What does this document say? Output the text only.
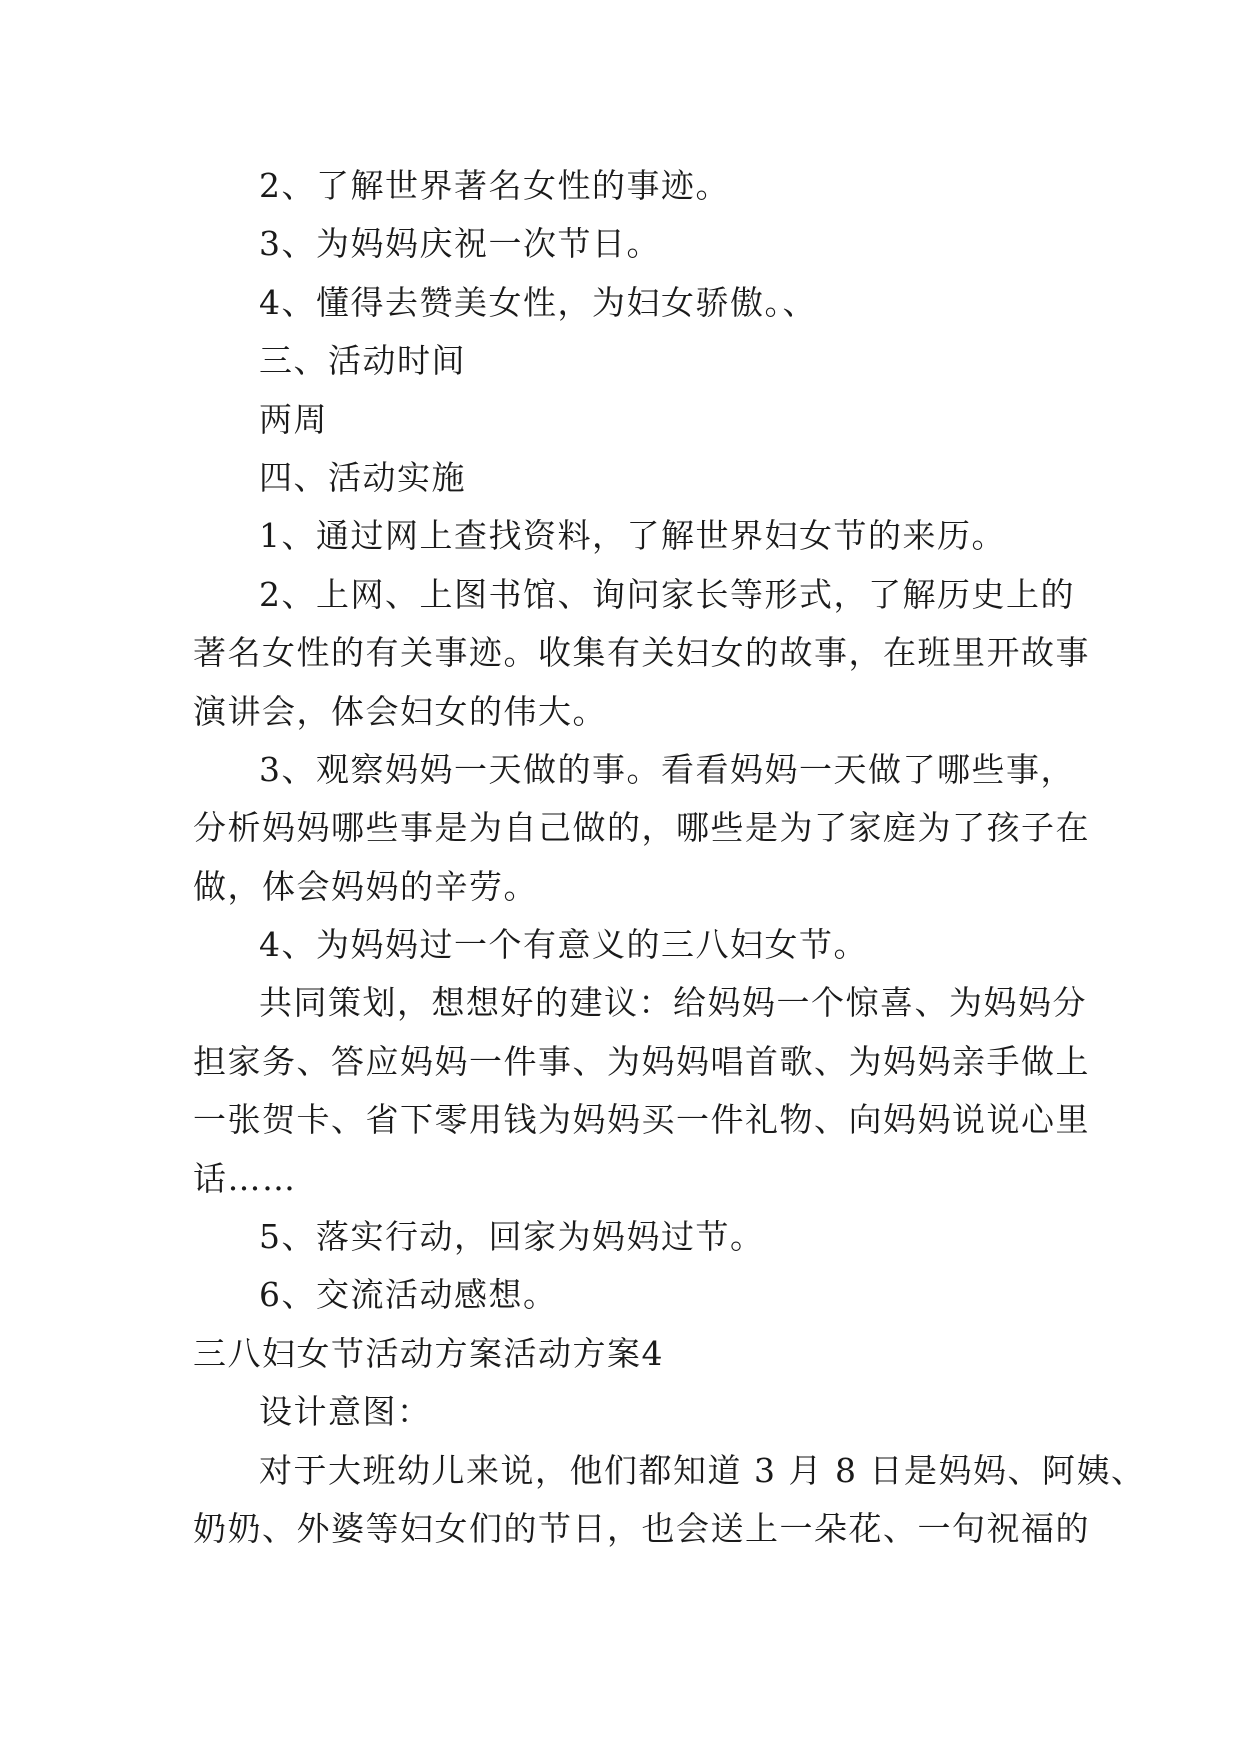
2、了解世界著名女性的事迹。
3、为妈妈庆祝一次节日。
4、懂得去赞美女性，为妇女骄傲。、
三、活动时间
两周
四、活动实施
1、通过网上查找资料，了解世界妇女节的来历。
2、上网、上图书馆、询问家长等形式，了解历史上的
著名女性的有关事迹。收集有关妇女的故事，在班里开故事
演讲会，体会妇女的伟大。
3、观察妈妈一天做的事。看看妈妈一天做了哪些事，
分析妈妈哪些事是为自己做的，哪些是为了家庭为了孩子在
做，体会妈妈的辛劳。
4、为妈妈过一个有意义的三八妇女节。
共同策划，想想好的建议：给妈妈一个惊喜、为妈妈分
担家务、答应妈妈一件事、为妈妈唱首歌、为妈妈亲手做上
一张贺卡、省下零用钱为妈妈买一件礼物、向妈妈说说心里
话……
5、落实行动，回家为妈妈过节。
6、交流活动感想。
三八妇女节活动方案活动方案4
设计意图：
对于大班幼儿来说，他们都知道 3 月 8 日是妈妈、阿姨、
奶奶、外婆等妇女们的节日，也会送上一朵花、一句祝福的
